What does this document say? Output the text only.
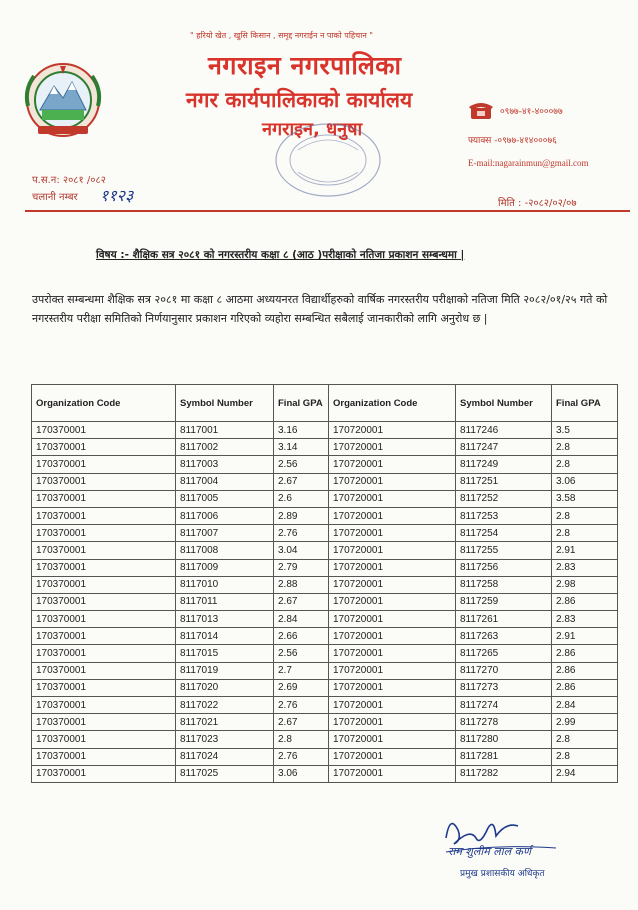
" हरियो खेत , खुसि किसान , समृद्द नगराईन न पाको पहिचान "
नगराइन नगरपालिका
नगर कार्यपालिकाको कार्यालय
नगराइन, धनुषा
०९७७-४१-४०००७७
फ्याक्स -०९७७-४१४०००७६
E-mail:nagarainmun@gmail.com
प.स.न: २०८१ /०८२
चलानी नम्बर ११२३	मिति : -२०८२/०२/०७
विषय :- शैक्षिक सत्र २०८१ को नगरस्तरीय कक्षा ८ (आठ )परीक्षाको नतिजा प्रकाशन सम्बन्धमा |
उपरोक्त सम्बन्धमा शैक्षिक सत्र २०८१ मा कक्षा ८ आठमा अध्ययनरत विद्यार्थीहरुको वार्षिक नगरस्तरीय परीक्षाको नतिजा मिति २०८२/०१/२५ गते को नगरस्तरीय परीक्षा समितिको निर्णयानुसार प्रकाशन गरिएको व्यहोरा सम्बन्धित सबैलाई जानकारीको लागि अनुरोध छ |
Organization Code	Symbol Number	Final GPA	Organization Code	Symbol Number	Final GPA
170370001	8117001	3.16	170720001	8117246	3.5
170370001	8117002	3.14	170720001	8117247	2.8
170370001	8117003	2.56	170720001	8117249	2.8
170370001	8117004	2.67	170720001	8117251	3.06
170370001	8117005	2.6	170720001	8117252	3.58
170370001	8117006	2.89	170720001	8117253	2.8
170370001	8117007	2.76	170720001	8117254	2.8
170370001	8117008	3.04	170720001	8117255	2.91
170370001	8117009	2.79	170720001	8117256	2.83
170370001	8117010	2.88	170720001	8117258	2.98
170370001	8117011	2.67	170720001	8117259	2.86
170370001	8117013	2.84	170720001	8117261	2.83
170370001	8117014	2.66	170720001	8117263	2.91
170370001	8117015	2.56	170720001	8117265	2.86
170370001	8117019	2.7	170720001	8117270	2.86
170370001	8117020	2.69	170720001	8117273	2.86
170370001	8117022	2.76	170720001	8117274	2.84
170370001	8117021	2.67	170720001	8117278	2.99
170370001	8117023	2.8	170720001	8117280	2.8
170370001	8117024	2.76	170720001	8117281	2.8
170370001	8117025	3.06	170720001	8117282	2.94
राम शुलीम लाल कर्ण
प्रमुख प्रशासकीय अधिकृत
